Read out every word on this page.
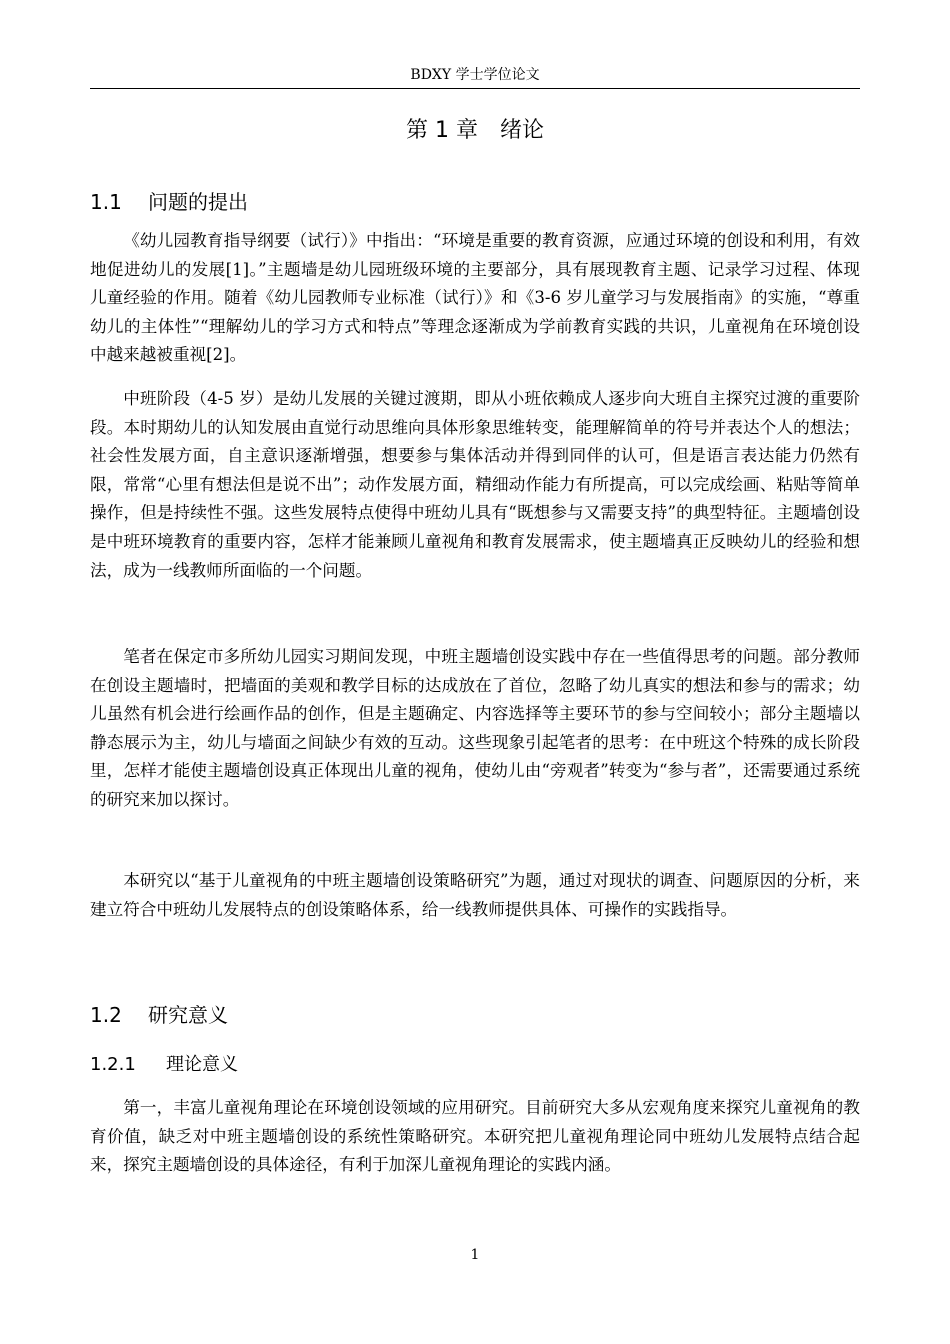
BDXY 学士学位论文
第 1 章　绪论
1.1 问题的提出

《幼儿园教育指导纲要（试行）》中指出：“环境是重要的教育资源，应通过环境的创设和利用，有效地促进幼儿的发展[1]。”主题墙是幼儿园班级环境的主要部分，具有展现教育主题、记录学习过程、体现儿童经验的作用。随着《幼儿园教师专业标准（试行）》和《3-6 岁儿童学习与发展指南》的实施，“尊重幼儿的主体性”“理解幼儿的学习方式和特点”等理念逐渐成为学前教育实践的共识，儿童视角在环境创设中越来越被重视[2]。

中班阶段（4-5 岁）是幼儿发展的关键过渡期，即从小班依赖成人逐步向大班自主探究过渡的重要阶段。本时期幼儿的认知发展由直觉行动思维向具体形象思维转变，能理解简单的符号并表达个人的想法；社会性发展方面，自主意识逐渐增强，想要参与集体活动并得到同伴的认可，但是语言表达能力仍然有限，常常“心里有想法但是说不出”；动作发展方面，精细动作能力有所提高，可以完成绘画、粘贴等简单操作，但是持续性不强。这些发展特点使得中班幼儿具有“既想参与又需要支持”的典型特征。主题墙创设是中班环境教育的重要内容，怎样才能兼顾儿童视角和教育发展需求，使主题墙真正反映幼儿的经验和想法，成为一线教师所面临的一个问题。

笔者在保定市多所幼儿园实习期间发现，中班主题墙创设实践中存在一些值得思考的问题。部分教师在创设主题墙时，把墙面的美观和教学目标的达成放在了首位，忽略了幼儿真实的想法和参与的需求；幼儿虽然有机会进行绘画作品的创作，但是主题确定、内容选择等主要环节的参与空间较小；部分主题墙以静态展示为主，幼儿与墙面之间缺少有效的互动。这些现象引起笔者的思考：在中班这个特殊的成长阶段里，怎样才能使主题墙创设真正体现出儿童的视角，使幼儿由“旁观者”转变为“参与者”，还需要通过系统的研究来加以探讨。

本研究以“基于儿童视角的中班主题墙创设策略研究”为题，通过对现状的调查、问题原因的分析，来建立符合中班幼儿发展特点的创设策略体系，给一线教师提供具体、可操作的实践指导。

1.2 研究意义
1.2.1 理论意义

第一，丰富儿童视角理论在环境创设领域的应用研究。目前研究大多从宏观角度来探究儿童视角的教育价值，缺乏对中班主题墙创设的系统性策略研究。本研究把儿童视角理论同中班幼儿发展特点结合起来，探究主题墙创设的具体途径，有利于加深儿童视角理论的实践内涵。

1
